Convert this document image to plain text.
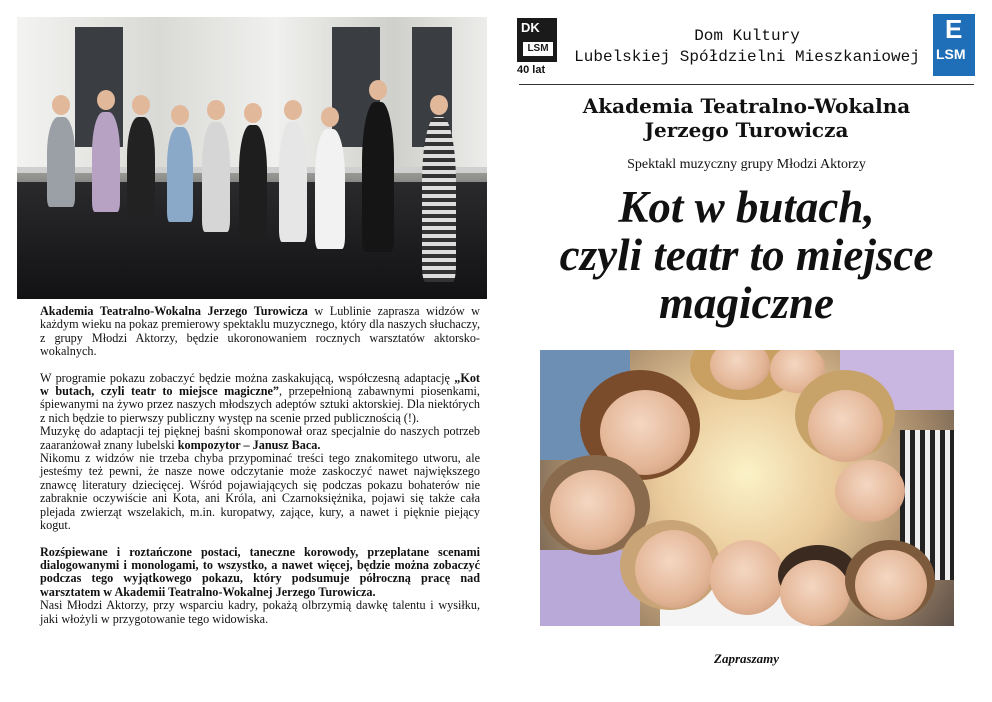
Akademia Teatralno-Wokalna Jerzego Turowicza w Lublinie zaprasza widzów w każdym wieku na pokaz premierowy spektaklu muzycznego, który dla naszych słuchaczy, z grupy Młodzi Aktorzy, będzie ukoronowaniem rocznych warsztatów aktorsko-wokalnych.

W programie pokazu zobaczyć będzie można zaskakującą, współczesną adaptację „Kot w butach, czyli teatr to miejsce magiczne”, przepełnioną zabawnymi piosenkami, śpiewanymi na żywo przez naszych młodszych adeptów sztuki aktorskiej. Dla niektórych z nich będzie to pierwszy publiczny występ na scenie przed publicznością (!).

Muzykę do adaptacji tej pięknej baśni skomponował oraz specjalnie do naszych potrzeb zaaranżował znany lubelski kompozytor – Janusz Baca.

Nikomu z widzów nie trzeba chyba przypominać treści tego znakomitego utworu, ale jesteśmy też pewni, że nasze nowe odczytanie może zaskoczyć nawet największego znawcę literatury dziecięcej. Wśród pojawiających się podczas pokazu bohaterów nie zabraknie oczywiście ani Kota, ani Króla, ani Czarnoksiężnika, pojawi się także cała plejada zwierząt wszelakich, m.in. kuropatwy, zające, kury, a nawet i pięknie piejący kogut.

Rozśpiewane i roztańczone postaci, taneczne korowody, przeplatane scenami dialogowanymi i monologami, to wszystko, a nawet więcej, będzie można zobaczyć podczas tego wyjątkowego pokazu, który podsumuje półroczną pracę nad warsztatem w Akademii Teatralno-Wokalnej Jerzego Turowicza.

Nasi Młodzi Aktorzy, przy wsparciu kadry, pokażą olbrzymią dawkę talentu i wysiłku, jaki włożyli w przygotowanie tego widowiska.

DK
LSM
40 lat
Dom Kultury
Lubelskiej Spółdzielni Mieszkaniowej
E
LSM
Akademia Teatralno-Wokalna
Jerzego Turowicza
Spektakl muzyczny grupy Młodzi Aktorzy
Kot w butach,
czyli teatr to miejsce
magiczne
Zapraszamy
